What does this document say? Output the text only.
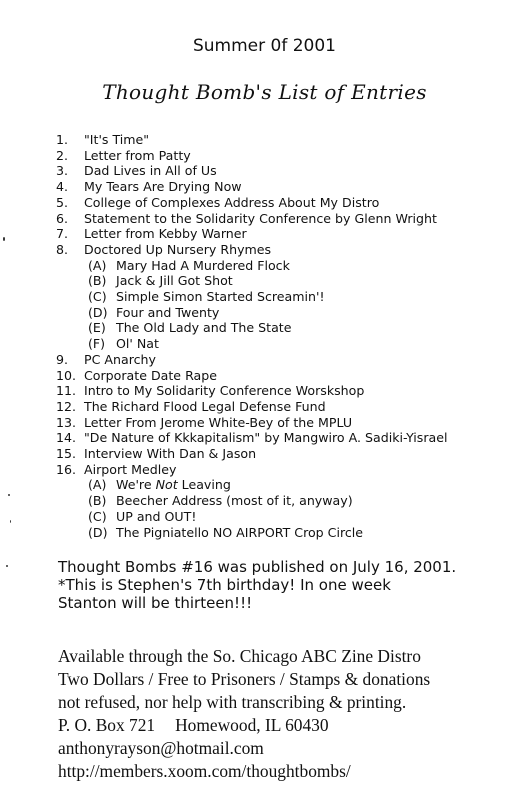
Summer 0f 2001
Thought Bomb's List of Entries
1. "It's Time"
2. Letter from Patty
3. Dad Lives in All of Us
4. My Tears Are Drying Now
5. College of Complexes Address About My Distro
6. Statement to the Solidarity Conference by Glenn Wright
7. Letter from Kebby Warner
8. Doctored Up Nursery Rhymes
(A) Mary Had A Murdered Flock
(B) Jack & Jill Got Shot
(C) Simple Simon Started Screamin'!
(D) Four and Twenty
(E) The Old Lady and The State
(F) Ol' Nat
9. PC Anarchy
10. Corporate Date Rape
11. Intro to My Solidarity Conference Worskshop
12. The Richard Flood Legal Defense Fund
13. Letter From Jerome White-Bey of the MPLU
14. "De Nature of Kkkapitalism" by Mangwiro A. Sadiki-Yisrael
15. Interview With Dan & Jason
16. Airport Medley
(A) We're Not Leaving
(B) Beecher Address (most of it, anyway)
(C) UP and OUT!
(D) The Pigniatello NO AIRPORT Crop Circle
Thought Bombs #16 was published on July 16, 2001.
*This is Stephen's 7th birthday! In one week
Stanton will be thirteen!!!
Available through the So. Chicago ABC Zine Distro
Two Dollars / Free to Prisoners / Stamps & donations
not refused, nor help with transcribing & printing.
P. O. Box 721 Homewood, IL 60430
anthonyrayson@hotmail.com
http://members.xoom.com/thoughtbombs/
